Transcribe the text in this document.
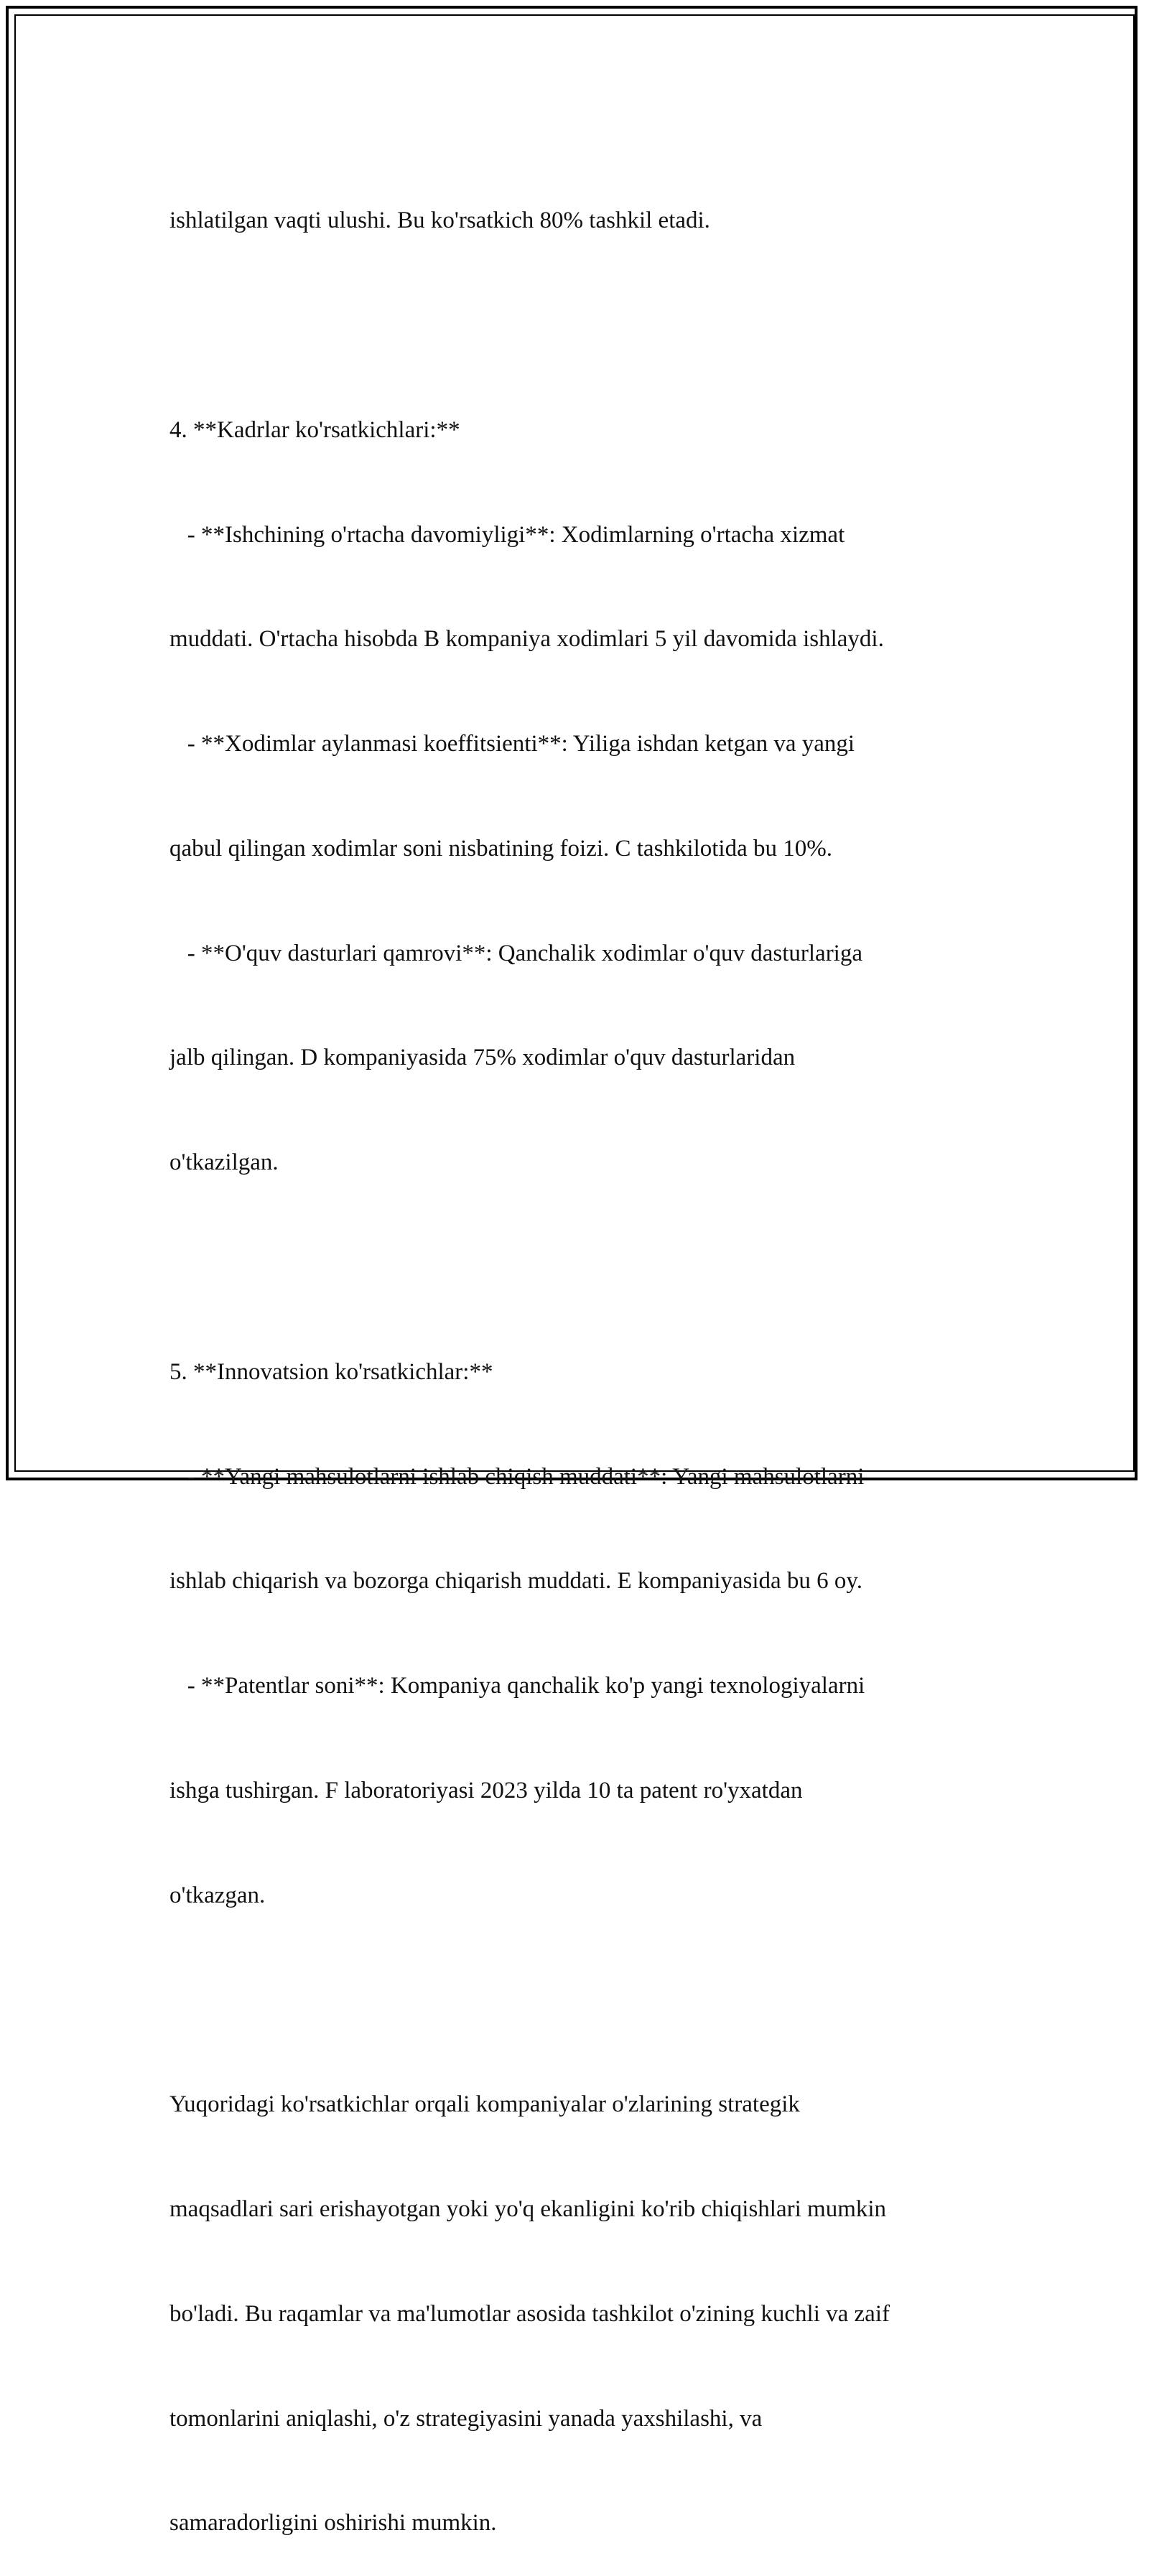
ishlatilgan vaqti ulushi. Bu ko'rsatkich 80% tashkil etadi.

4. **Kadrlar ko'rsatkichlari:**

- **Ishchining o'rtacha davomiyligi**: Xodimlarning o'rtacha xizmat

muddati. O'rtacha hisobda B kompaniya xodimlari 5 yil davomida ishlaydi.

- **Xodimlar aylanmasi koeffitsienti**: Yiliga ishdan ketgan va yangi

qabul qilingan xodimlar soni nisbatining foizi. C tashkilotida bu 10%.

- **O'quv dasturlari qamrovi**: Qanchalik xodimlar o'quv dasturlariga

jalb qilingan. D kompaniyasida 75% xodimlar o'quv dasturlaridan

o'tkazilgan.

5. **Innovatsion ko'rsatkichlar:**

- **Yangi mahsulotlarni ishlab chiqish muddati**: Yangi mahsulotlarni

ishlab chiqarish va bozorga chiqarish muddati. E kompaniyasida bu 6 oy.

- **Patentlar soni**: Kompaniya qanchalik ko'p yangi texnologiyalarni

ishga tushirgan. F laboratoriyasi 2023 yilda 10 ta patent ro'yxatdan

o'tkazgan.

Yuqoridagi ko'rsatkichlar orqali kompaniyalar o'zlarining strategik

maqsadlari sari erishayotgan yoki yo'q ekanligini ko'rib chiqishlari mumkin

bo'ladi. Bu raqamlar va ma'lumotlar asosida tashkilot o'zining kuchli va zaif

tomonlarini aniqlashi, o'z strategiyasini yanada yaxshilashi, va

samaradorligini oshirishi mumkin.
